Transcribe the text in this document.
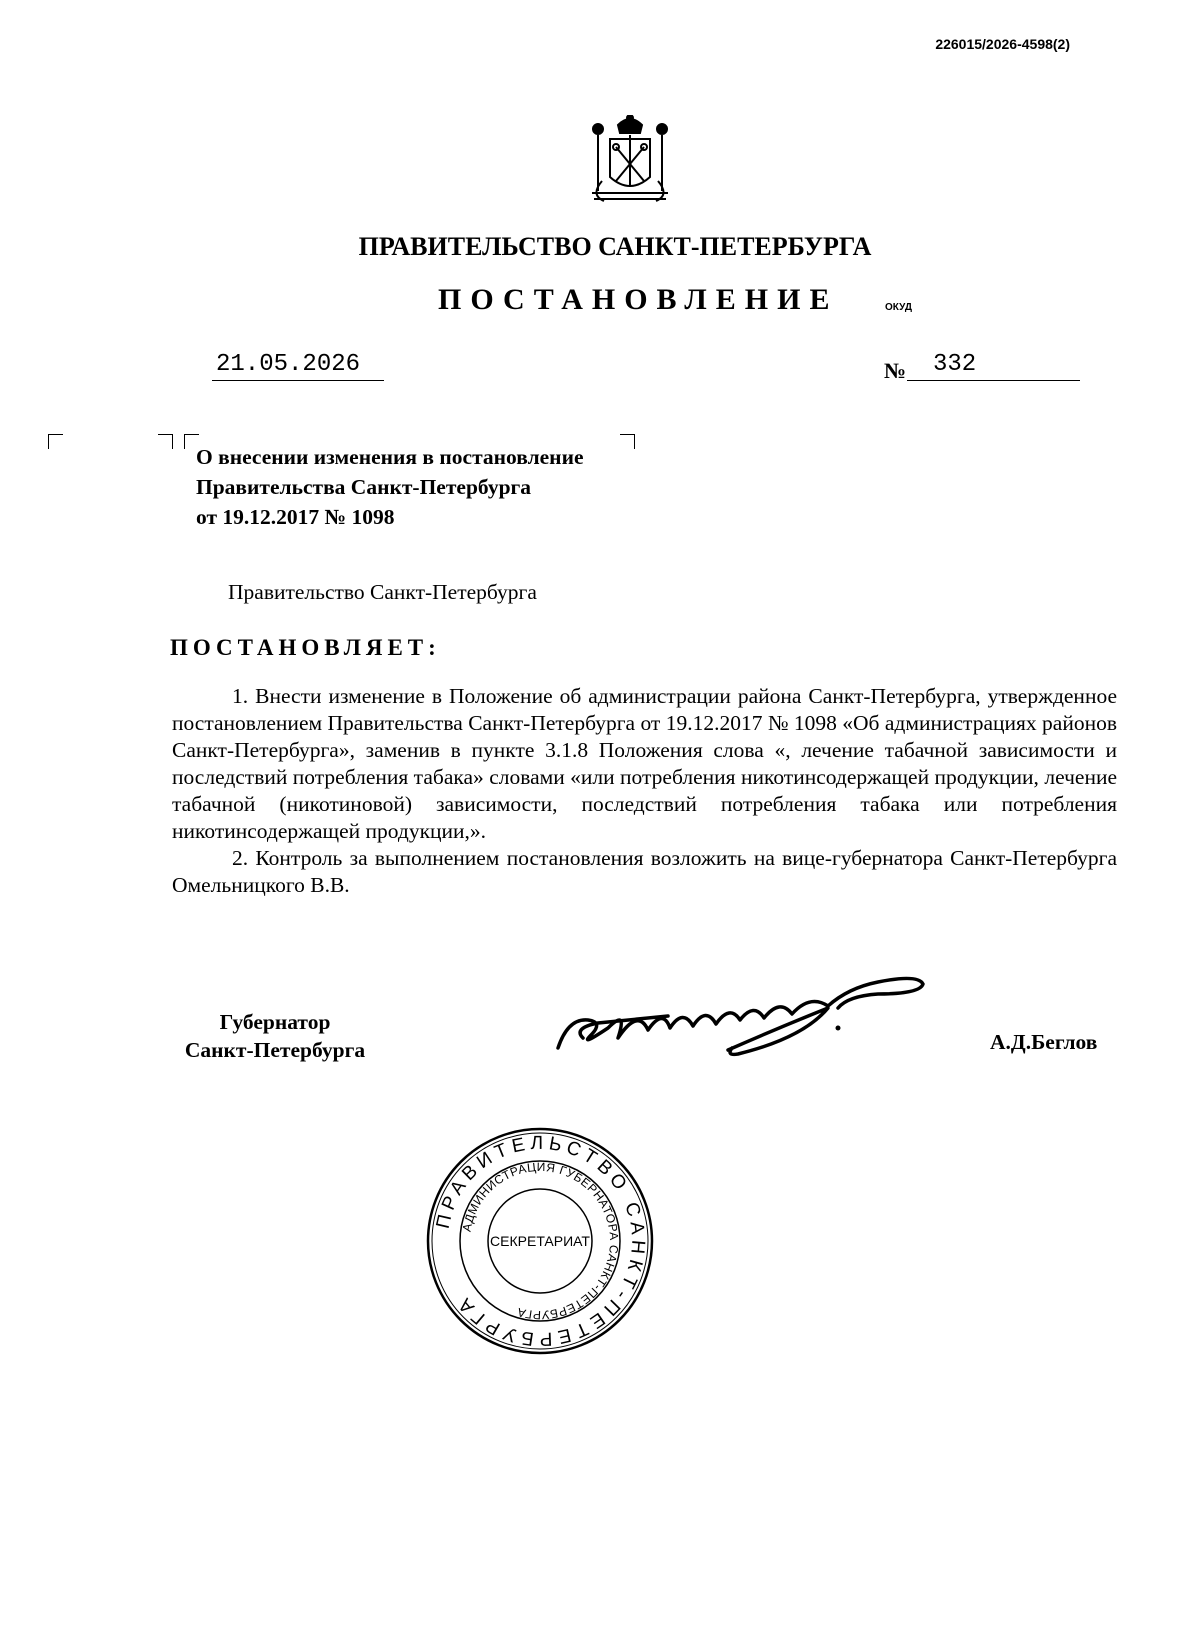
226015/2026-4598(2)
ПРАВИТЕЛЬСТВО САНКТ-ПЕТЕРБУРГА
ПОСТАНОВЛЕНИЕ	ОКУД
21.05.2026	№	332
О внесении изменения в постановление
Правительства Санкт-Петербурга
от 19.12.2017 № 1098
Правительство Санкт-Петербурга
ПОСТАНОВЛЯЕТ:

1. Внести изменение в Положение об администрации района Санкт-Петербурга, утвержденное постановлением Правительства Санкт-Петербурга от 19.12.2017 № 1098 «Об администрациях районов Санкт-Петербурга», заменив в пункте 3.1.8 Положения слова «, лечение табачной зависимости и последствий потребления табака» словами «или потребления никотинсодержащей продукции, лечение табачной (никотиновой) зависимости, последствий потребления табака или потребления никотинсодержащей продукции,».

2. Контроль за выполнением постановления возложить на вице-губернатора Санкт-Петербурга Омельницкого В.В.

Губернатор
Санкт-Петербурга	А.Д.Беглов
ПРАВИТЕЛЬСТВО САНКТ-ПЕТЕРБУРГА
АДМИНИСТРАЦИЯ ГУБЕРНАТОРА САНКТ-ПЕТЕРБУРГА
СЕКРЕТАРИАТ
